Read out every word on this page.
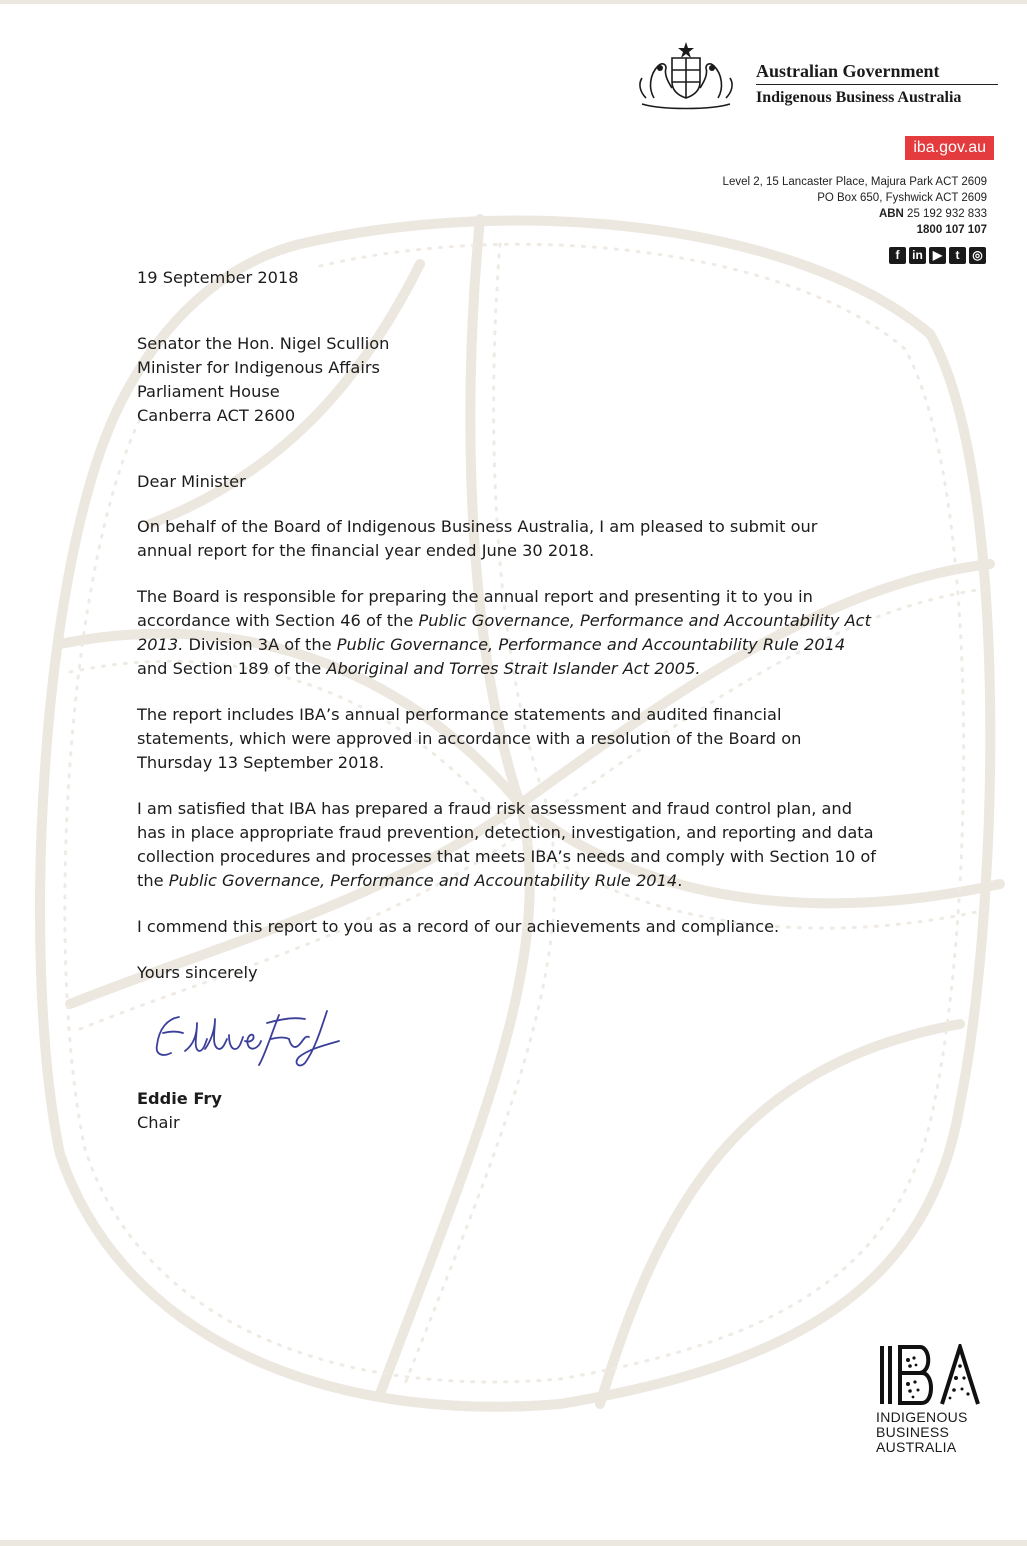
Australian Government
Indigenous Business Australia
iba.gov.au
Level 2, 15 Lancaster Place, Majura Park ACT 2609
PO Box 650, Fyshwick ACT 2609
ABN 25 192 932 833
1800 107 107
f	in ▶	t	◎

19 September 2018

Senator the Hon. Nigel Scullion

Minister for Indigenous Affairs

Parliament House

Canberra ACT 2600

Dear Minister

On behalf of the Board of Indigenous Business Australia, I am pleased to submit our annual report for the financial year ended June 30 2018.

The Board is responsible for preparing the annual report and presenting it to you in accordance with Section 46 of the Public Governance, Performance and Accountability Act 2013. Division 3A of the Public Governance, Performance and Accountability Rule 2014 and Section 189 of the Aboriginal and Torres Strait Islander Act 2005.

The report includes IBA’s annual performance statements and audited financial statements, which were approved in accordance with a resolution of the Board on Thursday 13 September 2018.

I am satisfied that IBA has prepared a fraud risk assessment and fraud control plan, and has in place appropriate fraud prevention, detection, investigation, and reporting and data collection procedures and processes that meets IBA’s needs and comply with Section 10 of the Public Governance, Performance and Accountability Rule 2014.

I commend this report to you as a record of our achievements and compliance.

Yours sincerely

Eddie Fry

Chair

INDIGENOUS
BUSINESS
AUSTRALIA
